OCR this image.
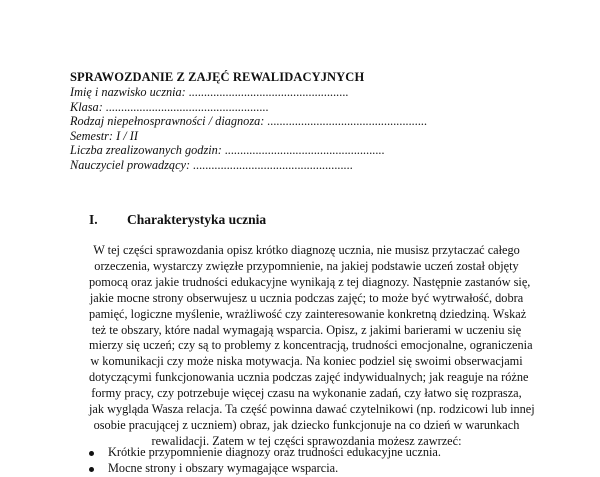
SPRAWOZDANIE Z ZAJĘĆ REWALIDACYJNYCH
Imię i nazwisko ucznia: ....................................................
Klasa: .....................................................
Rodzaj niepełnosprawności / diagnoza: ....................................................
Semestr: I / II
Liczba zrealizowanych godzin: ....................................................
Nauczyciel prowadzący: ....................................................
I. Charakterystyka ucznia
W tej części sprawozdania opisz krótko diagnozę ucznia, nie musisz przytaczać całego
orzeczenia, wystarczy zwięzłe przypomnienie, na jakiej podstawie uczeń został objęty
pomocą oraz jakie trudności edukacyjne wynikają z tej diagnozy. Następnie zastanów się,
jakie mocne strony obserwujesz u ucznia podczas zajęć; to może być wytrwałość, dobra
pamięć, logiczne myślenie, wrażliwość czy zainteresowanie konkretną dziedziną. Wskaż
też te obszary, które nadal wymagają wsparcia. Opisz, z jakimi barierami w uczeniu się
mierzy się uczeń; czy są to problemy z koncentracją, trudności emocjonalne, ograniczenia
w komunikacji czy może niska motywacja. Na koniec podziel się swoimi obserwacjami
dotyczącymi funkcjonowania ucznia podczas zajęć indywidualnych; jak reaguje na różne
formy pracy, czy potrzebuje więcej czasu na wykonanie zadań, czy łatwo się rozprasza,
jak wygląda Wasza relacja. Ta część powinna dawać czytelnikowi (np. rodzicowi lub innej
osobie pracującej z uczniem) obraz, jak dziecko funkcjonuje na co dzień w warunkach
rewalidacji. Zatem w tej części sprawozdania możesz zawrzeć:
Krótkie przypomnienie diagnozy oraz trudności edukacyjne ucznia.
Mocne strony i obszary wymagające wsparcia.
